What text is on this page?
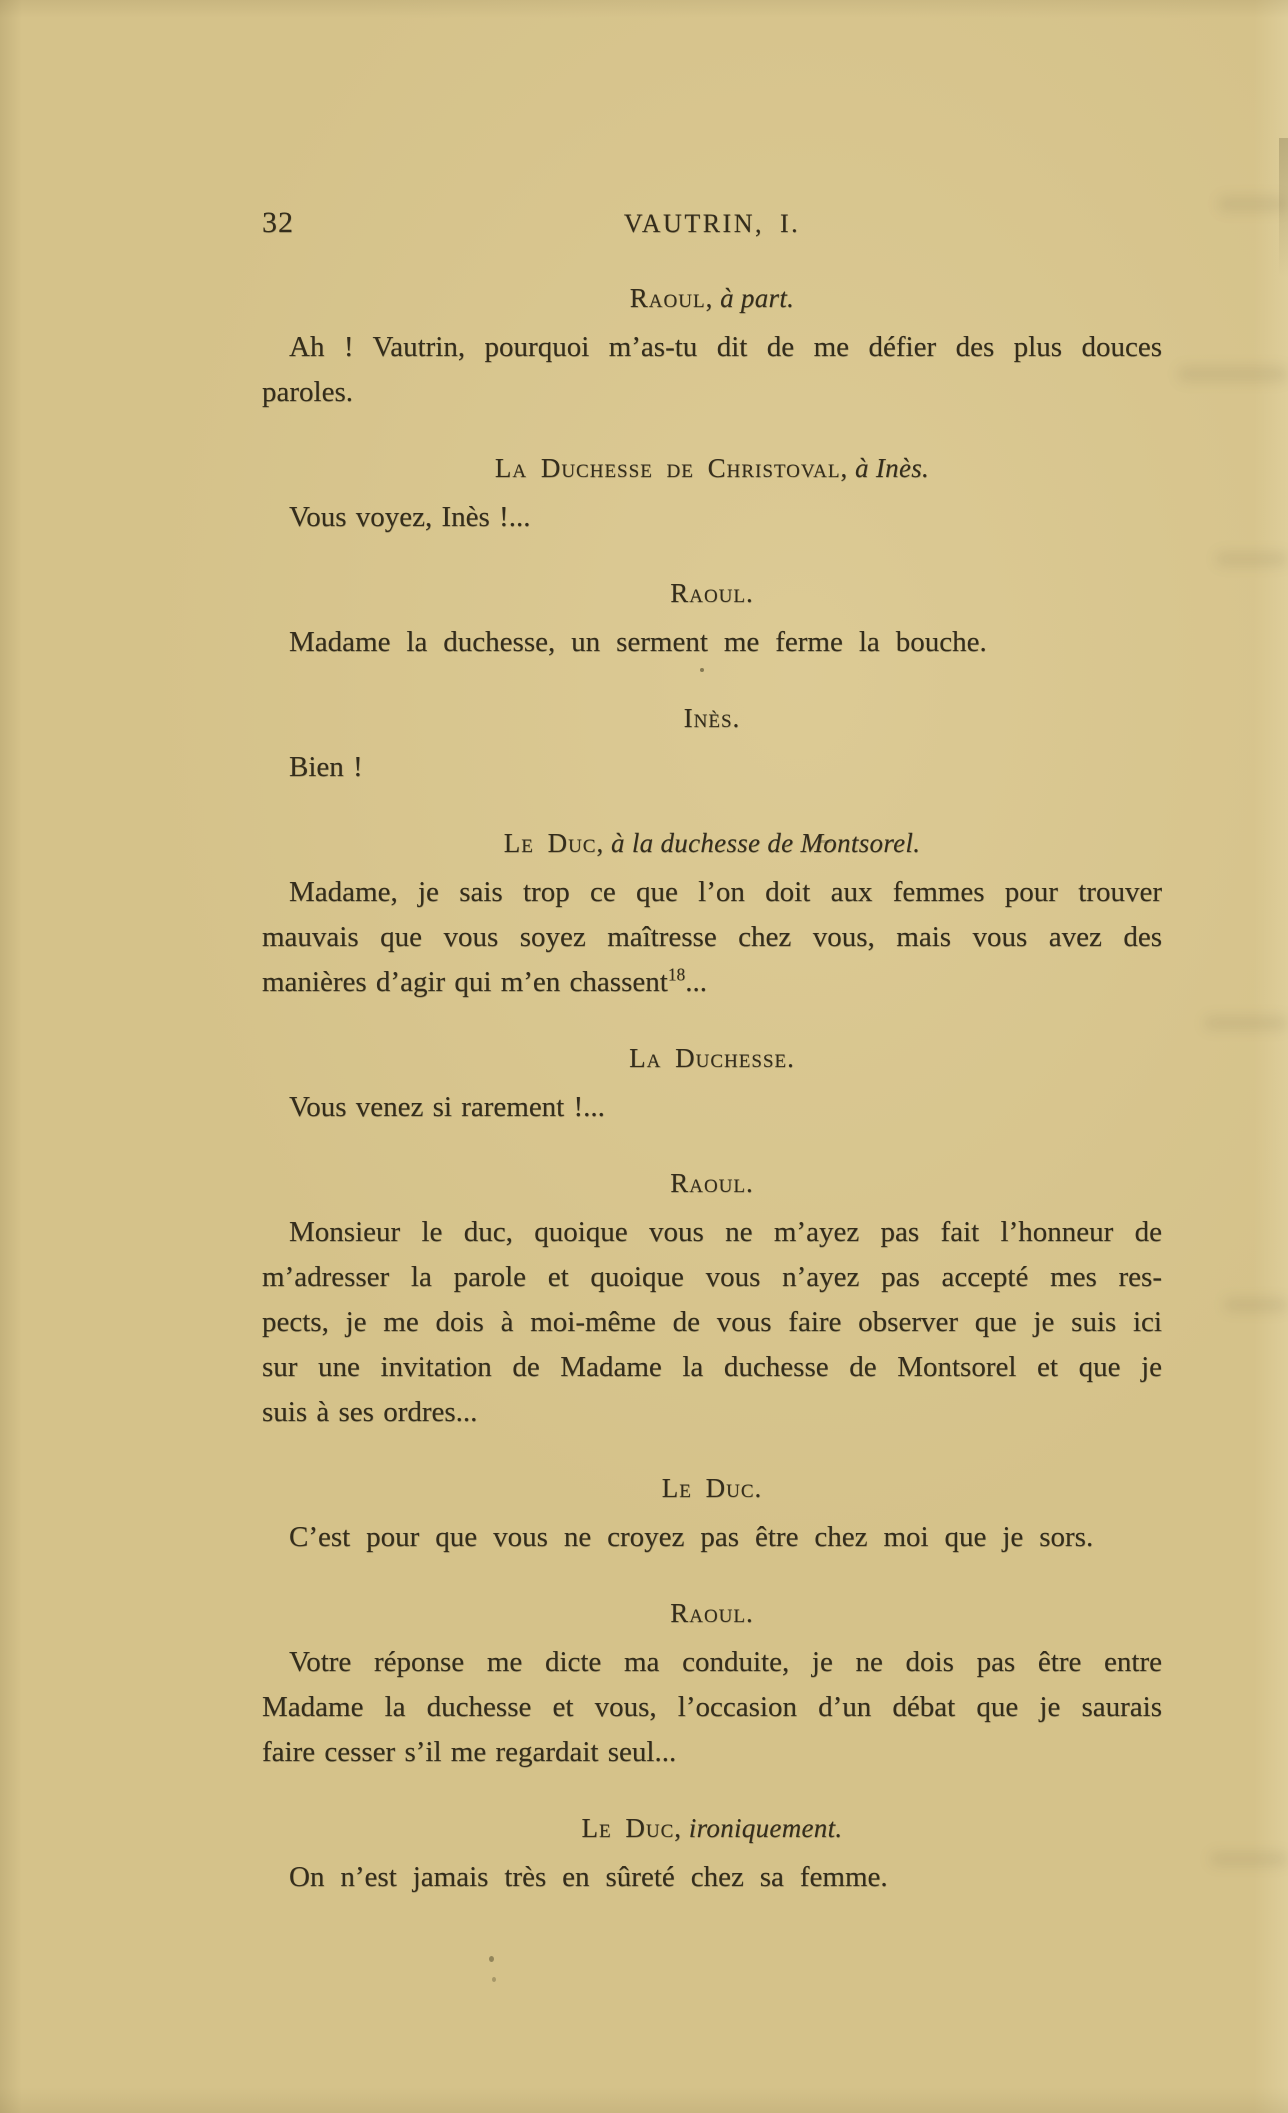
32	VAUTRIN, I.
Raoul, à part.
Ah ! Vautrin, pourquoi m’as-tu dit de me défier des plus douces
paroles.
La Duchesse de Christoval, à Inès.
Vous voyez, Inès !...
Raoul.
Madame la duchesse, un serment me ferme la bouche.
Inès.
Bien !
Le Duc, à la duchesse de Montsorel.
Madame, je sais trop ce que l’on doit aux femmes pour trouver
mauvais que vous soyez maîtresse chez vous, mais vous avez des
manières d’agir qui m’en chassent$^{18}$...
La Duchesse.
Vous venez si rarement !...
Raoul.
Monsieur le duc, quoique vous ne m’ayez pas fait l’honneur de
m’adresser la parole et quoique vous n’ayez pas accepté mes res-
pects, je me dois à moi-même de vous faire observer que je suis ici
sur une invitation de Madame la duchesse de Montsorel et que je
suis à ses ordres...
Le Duc.
C’est pour que vous ne croyez pas être chez moi que je sors.
Raoul.
Votre réponse me dicte ma conduite, je ne dois pas être entre
Madame la duchesse et vous, l’occasion d’un débat que je saurais
faire cesser s’il me regardait seul...
Le Duc, ironiquement.
On n’est jamais très en sûreté chez sa femme.
